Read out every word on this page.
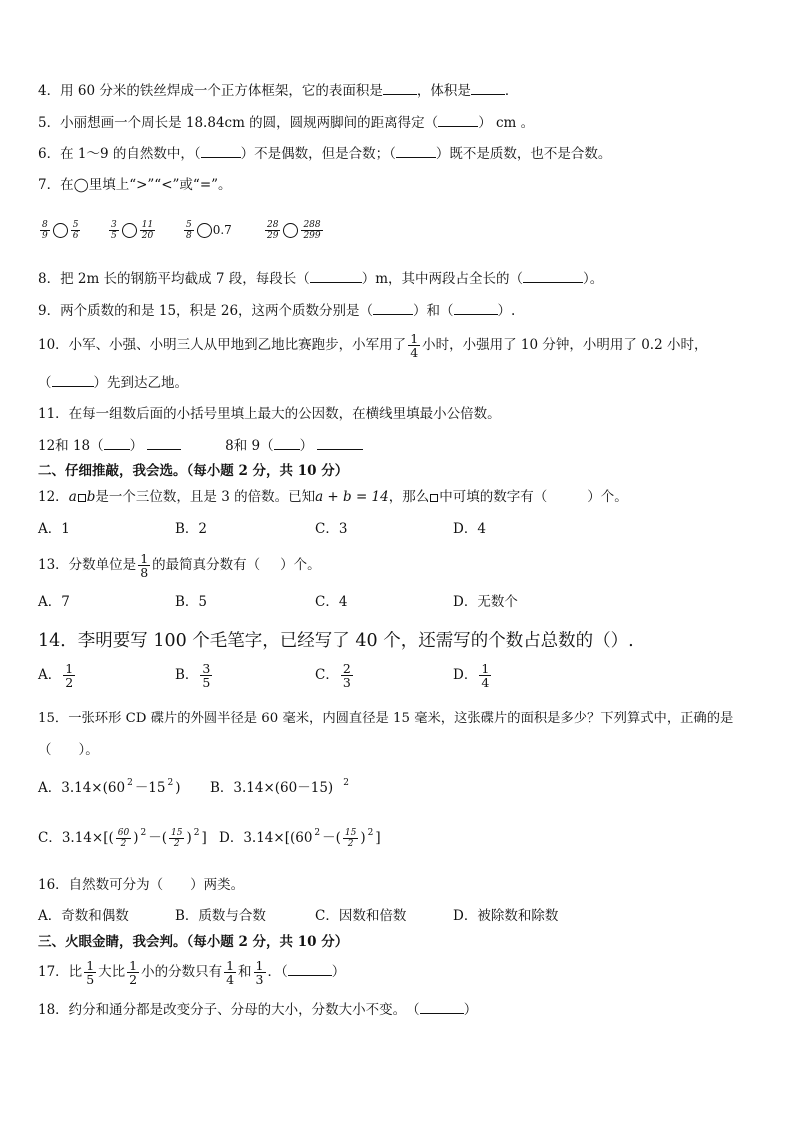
4．用 60 分米的铁丝焊成一个正方体框架，它的表面积是	，体积是	．
5．小丽想画一个周长是 18.84cm 的圆，圆规两脚间的距离得定（	） cm 。
6．在 1～9 的自然数中，（	）不是偶数，但是合数；（	）既不是质数，也不是合数。
7．在◯里填上“>”“<”或“=”。
$\frac{8}{9} \frac{5}{6}$	$\frac{3}{5} \frac{11}{20}$	$\frac{5}{8} 0.7$	$\frac{28}{29} \frac{288}{299}$
8．把 2m 长的钢筋平均截成 7 段，每段长（	）m，其中两段占全长的（	）。
9．两个质数的和是 15，积是 26，这两个质数分别是（	）和（	）.
10．小军、小强、小明三人从甲地到乙地比赛跑步，小军用了 $\frac{1}{4}$ 小时，小强用了 10 分钟，小明用了 0.2 小时，
（	）先到达乙地。
11．在每一组数后面的小括号里填上最大的公因数，在横线里填最小公倍数。
12和 18（ ）	8和 9（ ）
二、仔细推敲，我会选。（每小题 2 分，共 10 分）
12．a b是一个三位数，且是 3 的倍数。已知a + b = 14，那么 中可填的数字有（	）个。
A．1	B．2	C．3	D．4
13．分数单位是 $\frac{1}{8}$ 的最简真分数有（ ）个。
A．7	B．5	C．4	D．无数个
14．李明要写 100 个毛笔字，已经写了 40 个，还需写的个数占总数的（）.
A． $\frac{1}{2}$	B． $\frac{3}{5}$	C． $\frac{2}{3}$	D． $\frac{1}{4}$
15．一张环形 CD 碟片的外圆半径是 60 毫米，内圆直径是 15 毫米，这张碟片的面积是多少？下列算式中，正确的是
（　　）。
A．3.14×(60 $^2$ －15 $^2$ ) B．3.14×(60－15) $^2$
C．$3.14\times[( \frac{60}{2}$ ) $^2$ －( $\frac{15}{2}$ ) $^2$ ] D．3.14×[(60 $^2$ －( $\frac{15}{2}$ ) $^2$ ]
16．自然数可分为（　　）两类。
A．奇数和偶数	B．质数与合数	C．因数和倍数	D．被除数和除数
三、火眼金睛，我会判。（每小题 2 分，共 10 分）
17．比 $\frac{1}{5}$ 大比 $\frac{1}{2}$ 小的分数只有 $\frac{1}{4}$ 和 $\frac{1}{3}$ ．（	）
18．约分和通分都是改变分子、分母的大小，分数大小不变。　（	）
